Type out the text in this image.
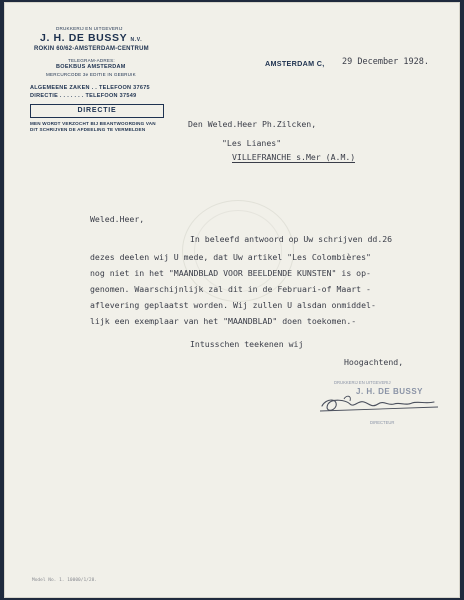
DRUKKERIJ EN UITGEVERIJ
J. H. DE BUSSY N.V.
ROKIN 60/62-AMSTERDAM-CENTRUM
TELEGRAM-ADRES:
BOEKBUS AMSTERDAM
MERCURCODE 3e EDITIE IN GEBRUIK
ALGEMEENE ZAKEN . . TELEFOON 37675
DIRECTIE . . . . . . . TELEFOON 37549
DIRECTIE
MEN WORDT VERZOCHT BIJ BEANTWOORDING VAN
DIT SCHRIJVEN DE AFDEELING TE VERMELDEN
AMSTERDAM C, 29 December 1928.
Den Weled.Heer Ph.Zilcken,
"Les Lianes"
VILLEFRANCHE s.Mer (A.M.)
Weled.Heer,
In beleefd antwoord op Uw schrijven dd.26
dezes deelen wij U mede, dat Uw artikel "Les Colombières"
nog niet in het "MAANDBLAD VOOR BEELDENDE KUNSTEN" is op-
genomen. Waarschijnlijk zal dit in de Februari-of Maart -
aflevering geplaatst worden. Wij zullen U alsdan onmiddel-
lijk een exemplaar van het "MAANDBLAD" doen toekomen.-
Intusschen teekenen wij
Hoogachtend,
DRUKKERIJ EN UITGEVERIJ
J. H. DE BUSSY
DIRECTEUR
Model No. 1. 10000/1/28.
